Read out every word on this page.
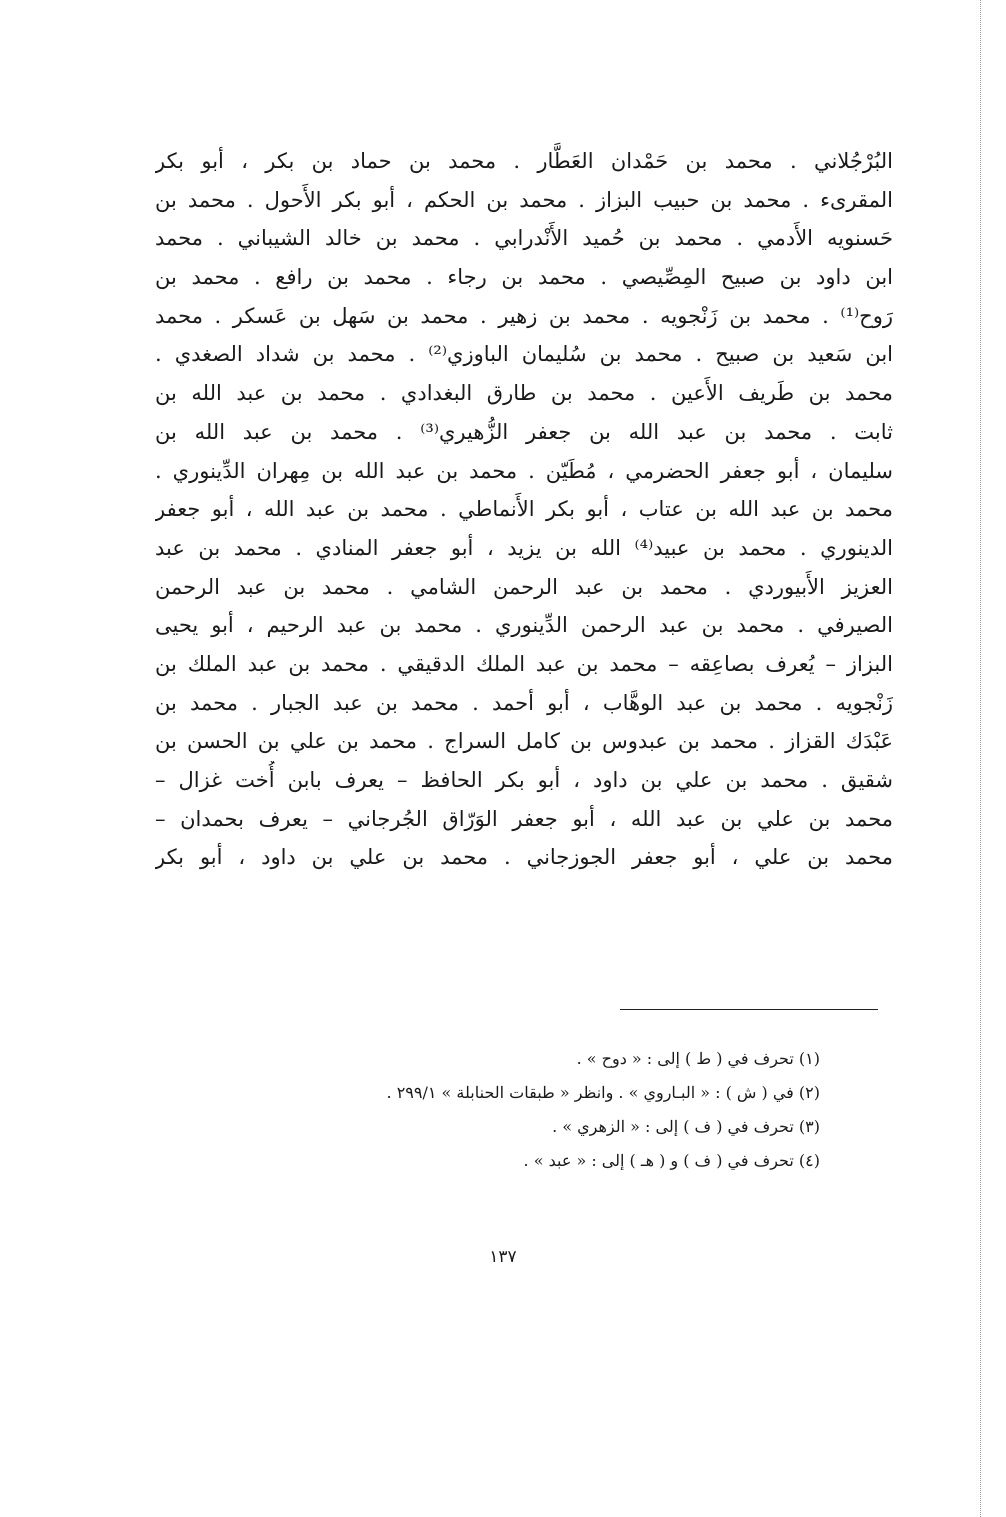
البُرْجُلاني . محمد بن حَمْدان العَطَّار . محمد بن حماد بن بكر ، أبو بكر
المقرىء . محمد بن حبيب البزاز . محمد بن الحكم ، أبو بكر الأَحول . محمد بن
حَسنويه الأَدمي . محمد بن حُميد الأَنْدرابي . محمد بن خالد الشيباني . محمد
ابن داود بن صبيح المِصِّيصي . محمد بن رجاء . محمد بن رافع . محمد بن
رَوح⁽¹⁾ . محمد بن زَنْجويه . محمد بن زهير . محمد بن سَهل بن عَسكر . محمد
ابن سَعيد بن صبيح . محمد بن سُليمان الباوزي⁽²⁾ . محمد بن شداد الصغدي .
محمد بن طَريف الأَعين . محمد بن طارق البغدادي . محمد بن عبد الله بن
ثابت . محمد بن عبد الله بن جعفر الزُّهيري⁽³⁾ . محمد بن عبد الله بن
سليمان ، أبو جعفر الحضرمي ، مُطَيّن . محمد بن عبد الله بن مِهران الدِّينوري .
محمد بن عبد الله بن عتاب ، أبو بكر الأَنماطي . محمد بن عبد الله ، أبو جعفر
الدينوري . محمد بن عبيد⁽⁴⁾ الله بن يزيد ، أبو جعفر المنادي . محمد بن عبد
العزيز الأَبيوردي . محمد بن عبد الرحمن الشامي . محمد بن عبد الرحمن
الصيرفي . محمد بن عبد الرحمن الدِّينوري . محمد بن عبد الرحيم ، أبو يحيى
البزاز – يُعرف بصاعِقه – محمد بن عبد الملك الدقيقي . محمد بن عبد الملك بن
زَنْجويه . محمد بن عبد الوهَّاب ، أبو أحمد . محمد بن عبد الجبار . محمد بن
عَبْدَك القزاز . محمد بن عبدوس بن كامل السراج . محمد بن علي بن الحسن بن
شقيق . محمد بن علي بن داود ، أبو بكر الحافظ – يعرف بابن أُخت غزال –
محمد بن علي بن عبد الله ، أبو جعفر الوَرّاق الجُرجاني – يعرف بحمدان –
محمد بن علي ، أبو جعفر الجوزجاني . محمد بن علي بن داود ، أبو بكر
(١) تحرف في ( ط ) إلى : « دوح » .
(٢) في ( ش ) : « البـاروي » . وانظر « طبقات الحنابلة » ٢٩٩/١ .
(٣) تحرف في ( ف ) إلى : « الزهري » .
(٤) تحرف في ( ف ) و ( هـ ) إلى : « عبد » .
١٣٧
